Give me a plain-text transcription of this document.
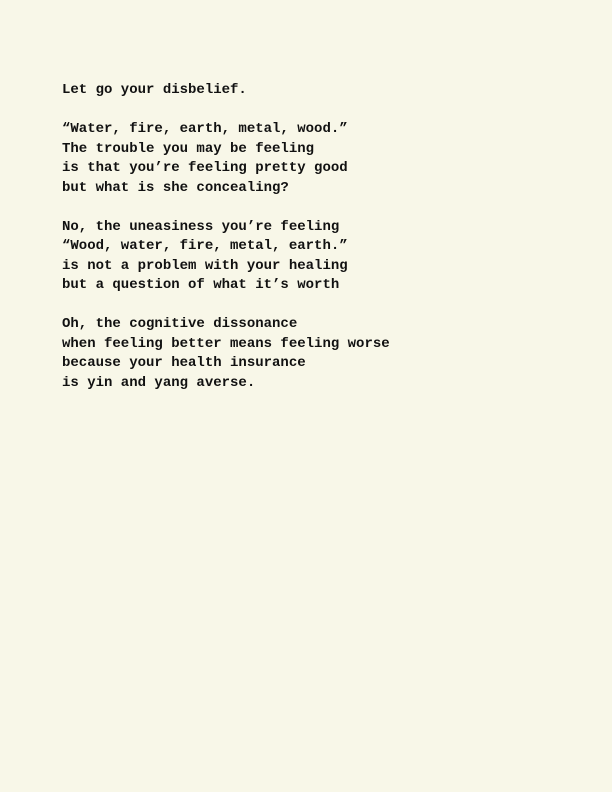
Let go your disbelief.
“Water, fire, earth, metal, wood.”
The trouble you may be feeling
is that you’re feeling pretty good
but what is she concealing?
No, the uneasiness you’re feeling
“Wood, water, fire, metal, earth.”
is not a problem with your healing
but a question of what it’s worth
Oh, the cognitive dissonance
when feeling better means feeling worse
because your health insurance
is yin and yang averse.
